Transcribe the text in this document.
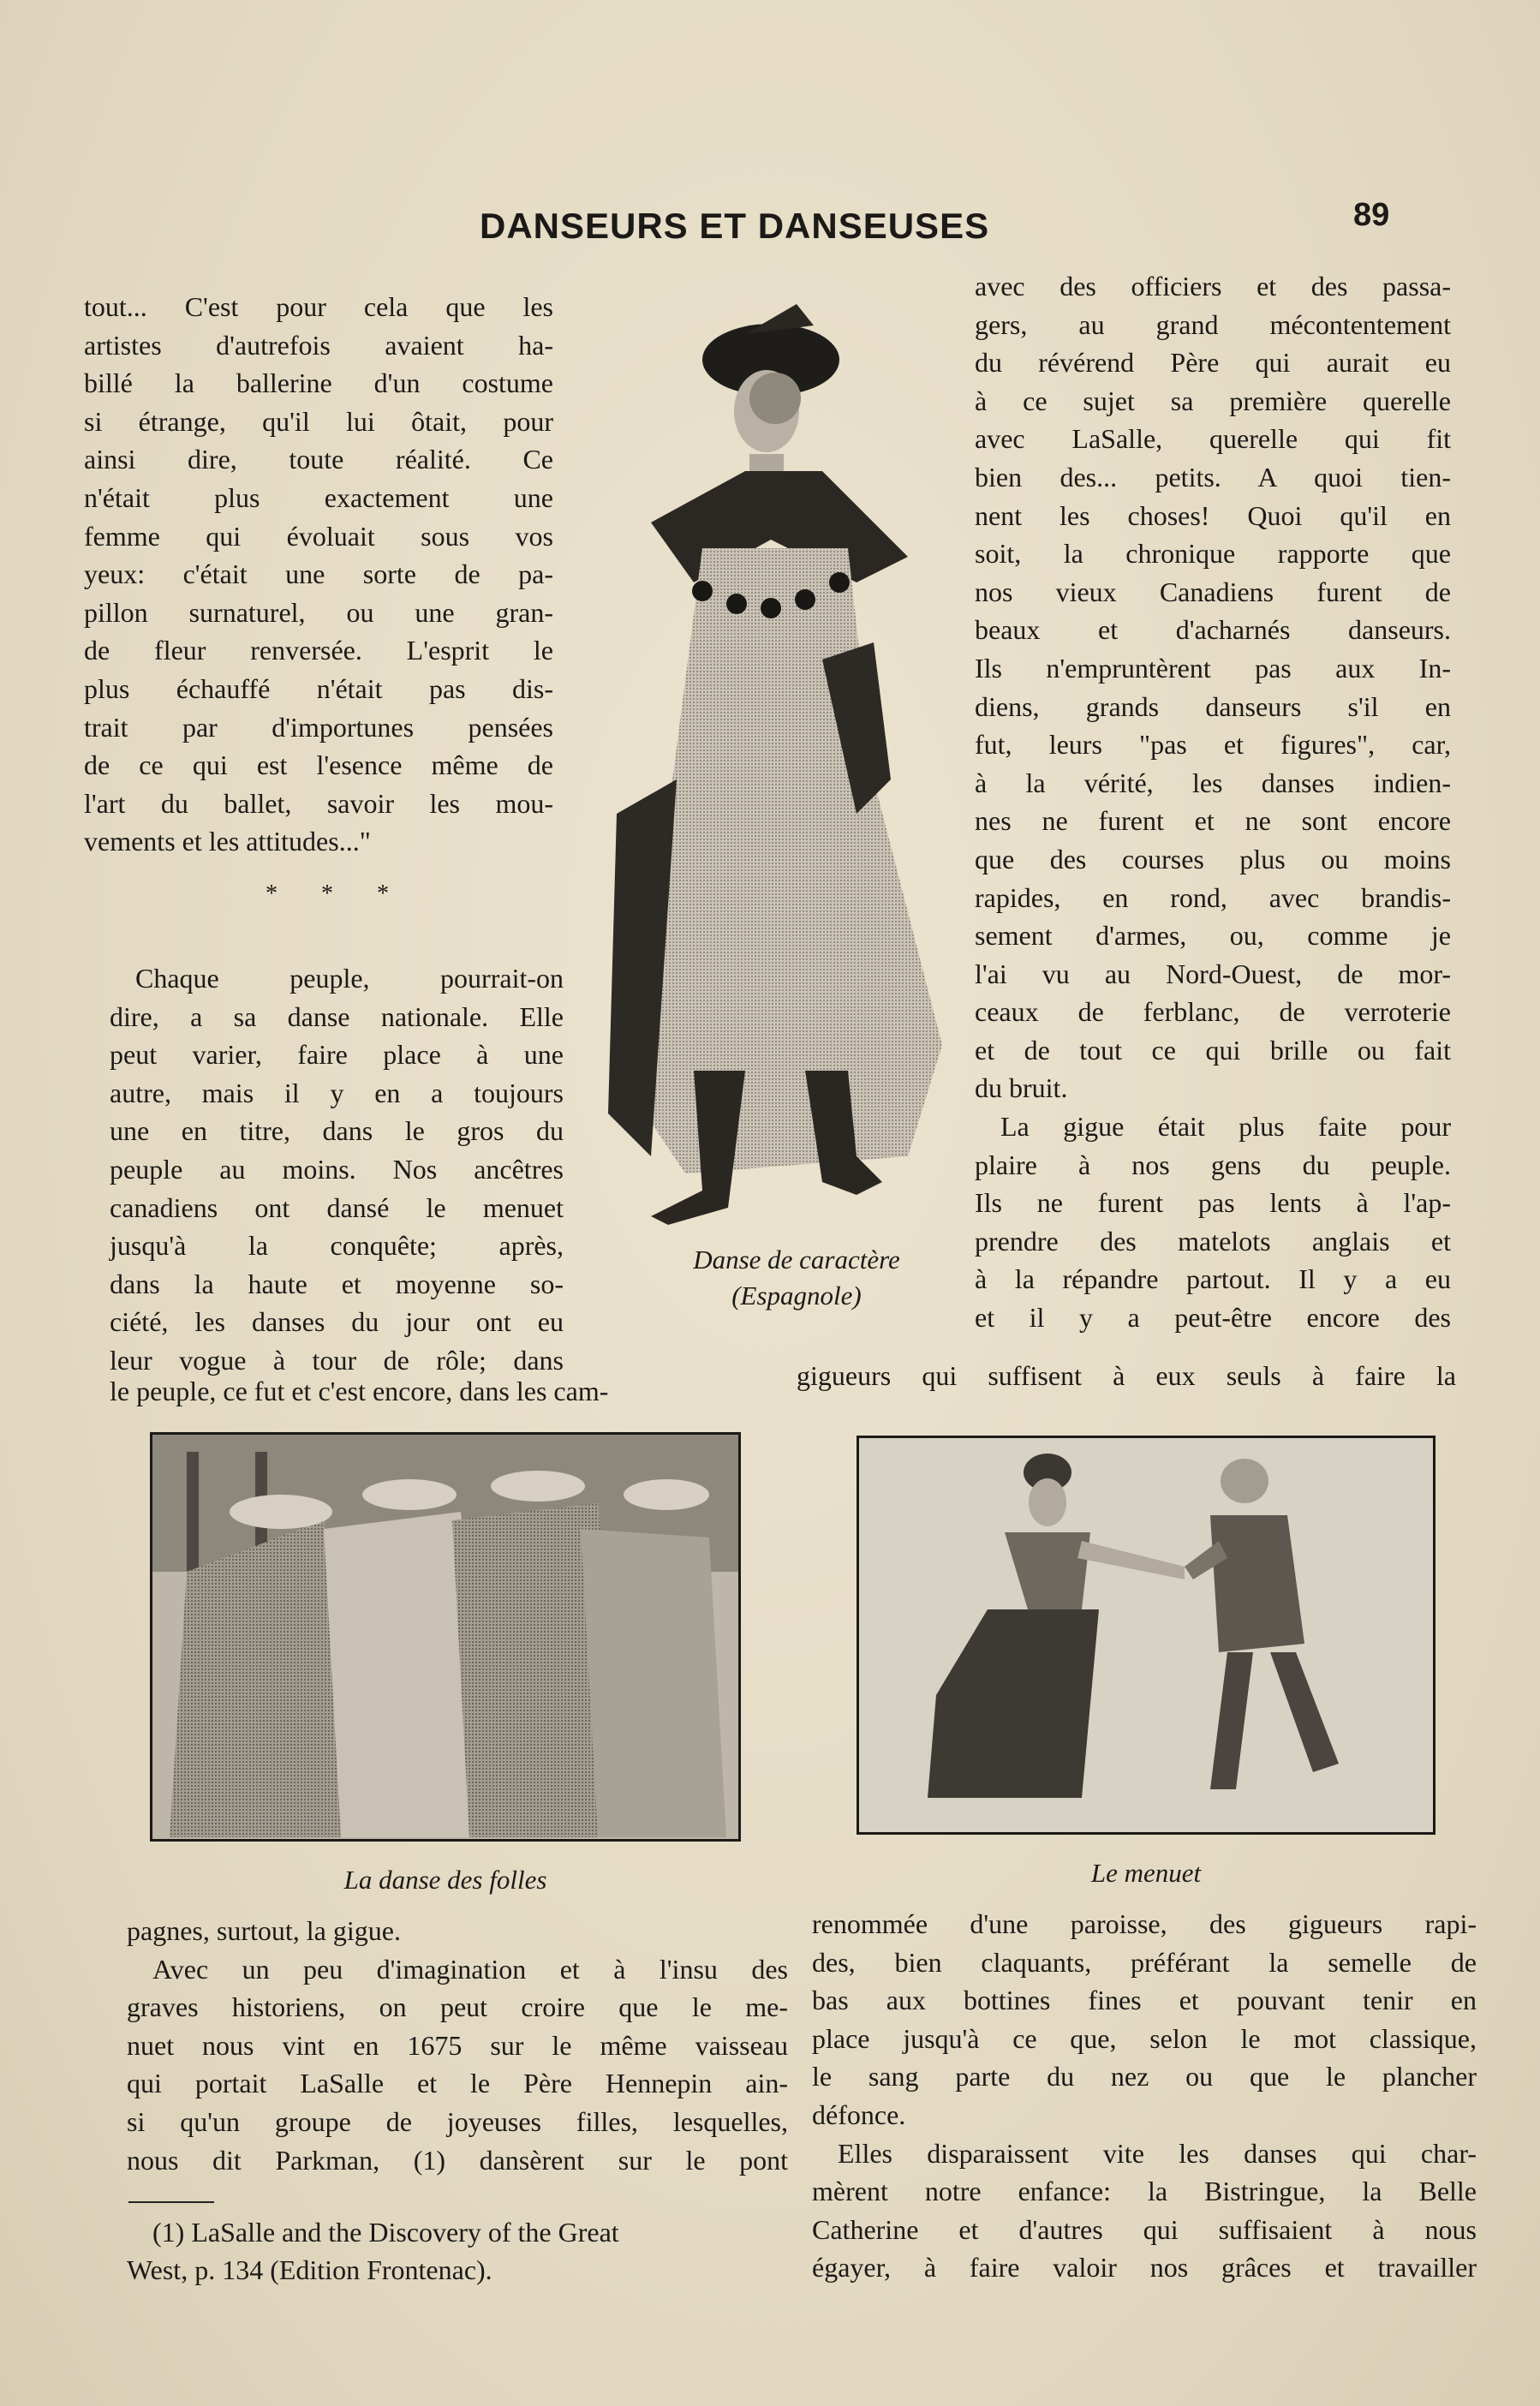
DANSEURS ET DANSEUSES	89
tout... C'est pour cela que les
artistes d'autrefois avaient ha-
billé la ballerine d'un costume
si étrange, qu'il lui ôtait, pour
ainsi dire, toute réalité. Ce
n'était plus exactement une
femme qui évoluait sous vos
yeux: c'était une sorte de pa-
pillon surnaturel, ou une gran-
de fleur renversée. L'esprit le
plus échauffé n'était pas dis-
trait par d'importunes pensées
de ce qui est l'esence même de
l'art du ballet, savoir les mou-
vements et les attitudes..."
* * *
Chaque peuple, pourrait-on
dire, a sa danse nationale. Elle
peut varier, faire place à une
autre, mais il y en a toujours
une en titre, dans le gros du
peuple au moins. Nos ancêtres
canadiens ont dansé le menuet
jusqu'à la conquête; après,
dans la haute et moyenne so-
ciété, les danses du jour ont eu
leur vogue à tour de rôle; dans
le peuple, ce fut et c'est encore, dans les cam-	gigueurs qui suffisent à eux seuls à faire la
avec des officiers et des passa-
gers, au grand mécontentement
du révérend Père qui aurait eu
à ce sujet sa première querelle
avec LaSalle, querelle qui fit
bien des... petits. A quoi tien-
nent les choses! Quoi qu'il en
soit, la chronique rapporte que
nos vieux Canadiens furent de
beaux et d'acharnés danseurs.
Ils n'empruntèrent pas aux In-
diens, grands danseurs s'il en
fut, leurs "pas et figures", car,
à la vérité, les danses indien-
nes ne furent et ne sont encore
que des courses plus ou moins
rapides, en rond, avec brandis-
sement d'armes, ou, comme je
l'ai vu au Nord-Ouest, de mor-
ceaux de ferblanc, de verroterie
et de tout ce qui brille ou fait
du bruit.
La gigue était plus faite pour
plaire à nos gens du peuple.
Ils ne furent pas lents à l'ap-
prendre des matelots anglais et
à la répandre partout. Il y a eu
et il y a peut-être encore des
Danse de caractère
(Espagnole)
La danse des folles	Le menuet
pagnes, surtout, la gigue.
Avec un peu d'imagination et à l'insu des
graves historiens, on peut croire que le me-
nuet nous vint en 1675 sur le même vaisseau
qui portait LaSalle et le Père Hennepin ain-
si qu'un groupe de joyeuses filles, lesquelles,
nous dit Parkman, (1) dansèrent sur le pont
renommée d'une paroisse, des gigueurs rapi-
des, bien claquants, préférant la semelle de
bas aux bottines fines et pouvant tenir en
place jusqu'à ce que, selon le mot classique,
le sang parte du nez ou que le plancher
défonce.
Elles disparaissent vite les danses qui char-
mèrent notre enfance: la Bistringue, la Belle
Catherine et d'autres qui suffisaient à nous
égayer, à faire valoir nos grâces et travailler
(1) LaSalle and the Discovery of the Great
West, p. 134 (Edition Frontenac).
